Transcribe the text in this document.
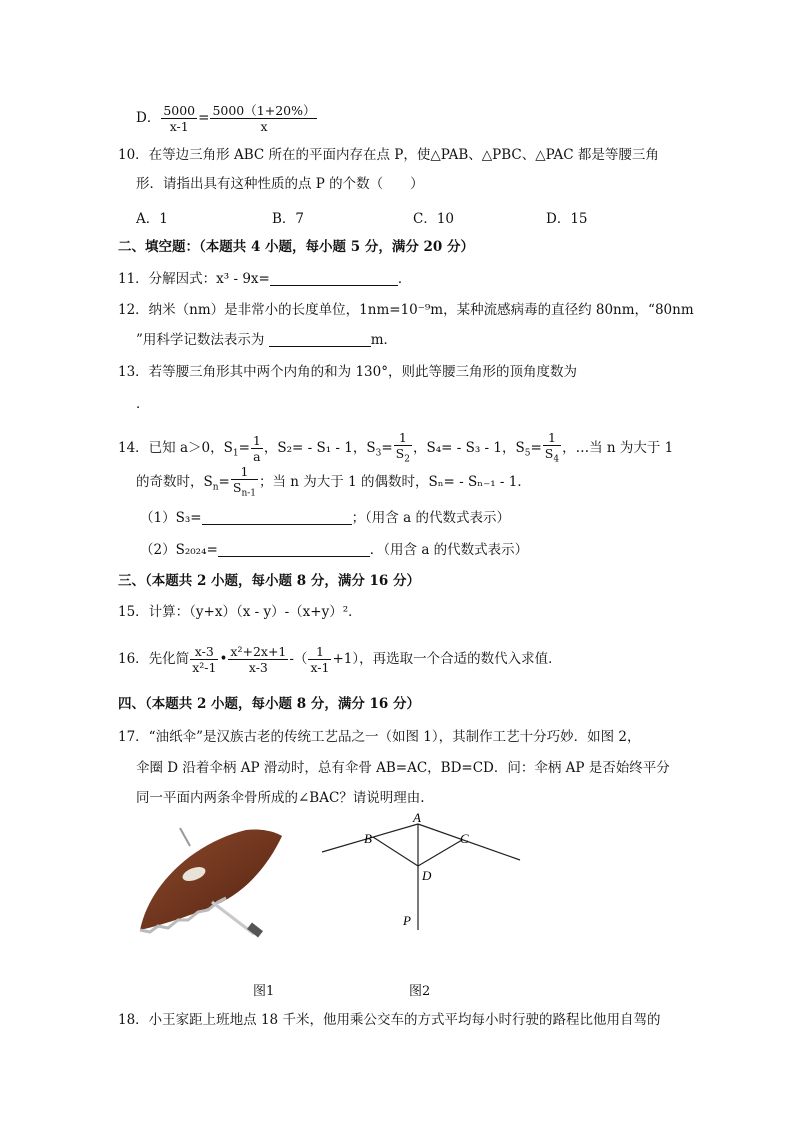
D． $\frac{5000}{x-1} = \frac{5000(1+20\%)}{x}$
10．在等边三角形 ABC 所在的平面内存在点 P，使△PAB、△PBC、△PAC 都是等腰三角
形．请指出具有这种性质的点 P 的个数（　　）
A．1	B．7	C．10	D．15
二、填空题：（本题共 4 小题，每小题 5 分，满分 20 分）
11．分解因式：x³ - 9x=	．
12．纳米（nm）是非常小的长度单位，1nm=10⁻⁹m，某种流感病毒的直径约 80nm，“80nm
”用科学记数法表示为	m．
13．若等腰三角形其中两个内角的和为 130°，则此等腰三角形的顶角度数为
．
14．已知 a＞0，$S_1= \frac{1}{a}$ ，S₂= - S₁ - 1，$S_3= \frac{1}{S_2}$ ，S₄= - S₃ - 1，$S_5= \frac{1}{S_4}$ ，…当 n 为大于 1
的奇数时，$S_n= \frac{1}{S_{n-1}}$ ；当 n 为大于 1 的偶数时，Sₙ= - Sₙ₋₁ - 1．
（1）S₃=	；（用含 a 的代数式表示）
（2）S₂₀₂₄=	．（用含 a 的代数式表示）
三、（本题共 2 小题，每小题 8 分，满分 16 分）
15．计算：（y+x）（x - y）-（x+y）²．
16．先化简 $\frac{x-3}{\text{x²-1}}$ • $\frac{\text{x²+2x+1}}{x-3}$ -（ $\frac{1}{x-1} +1$），再选取一个合适的数代入求值．
四、（本题共 2 小题，每小题 8 分，满分 16 分）
17．“油纸伞”是汉族古老的传统工艺品之一（如图 1），其制作工艺十分巧妙．如图 2，
伞圈 D 沿着伞柄 AP 滑动时，总有伞骨 AB=AC，BD=CD．问：伞柄 AP 是否始终平分
同一平面内两条伞骨所成的∠BAC？请说明理由.
A
B	C
D
P
图1	图2
18．小王家距上班地点 18 千米，他用乘公交车的方式平均每小时行驶的路程比他用自驾的
